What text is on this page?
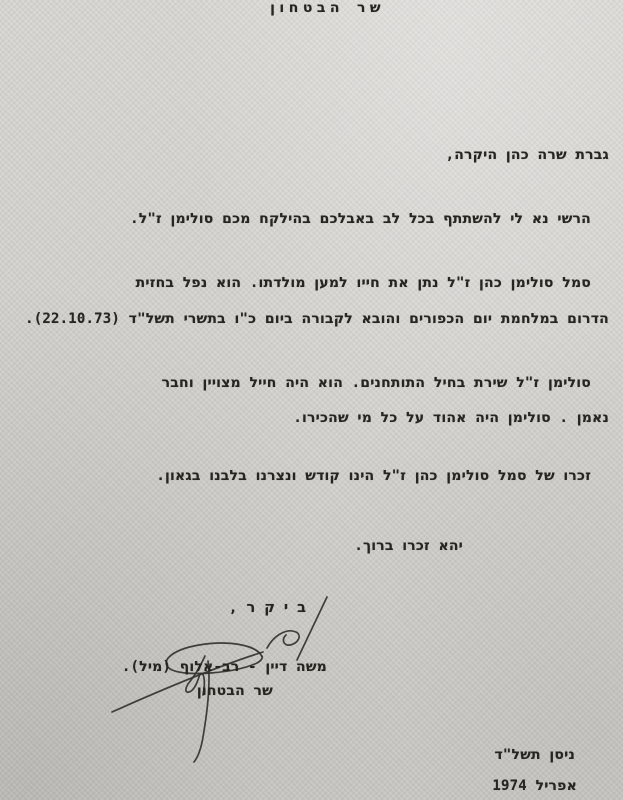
שר הבטחון
גברת שרה כהן היקרה,
הרשי נא לי להשתתף בכל לב באבלכם בהילקח מכם סולימן ז"ל.
סמל סולימן כהן ז"ל נתן את חייו למען מולדתו. הוא נפל בחזית
הדרום במלחמת יום הכפורים והובא לקבורה ביום כ"ו בתשרי תשל"ד (22.10.73).
סולימן ז"ל שירת בחיל התותחנים. הוא היה חייל מצויין וחבר
נאמן . סולימן היה אהוד על כל מי שהכירו.
זכרו של סמל סולימן כהן ז"ל הינו קודש ונצרנו בלבנו בגאון.
יהא זכרו ברוך.
ביקר,
משה דיין - רב-אלוף (מיל).
שר הבטחון
ניסן תשל"ד
אפריל 1974
